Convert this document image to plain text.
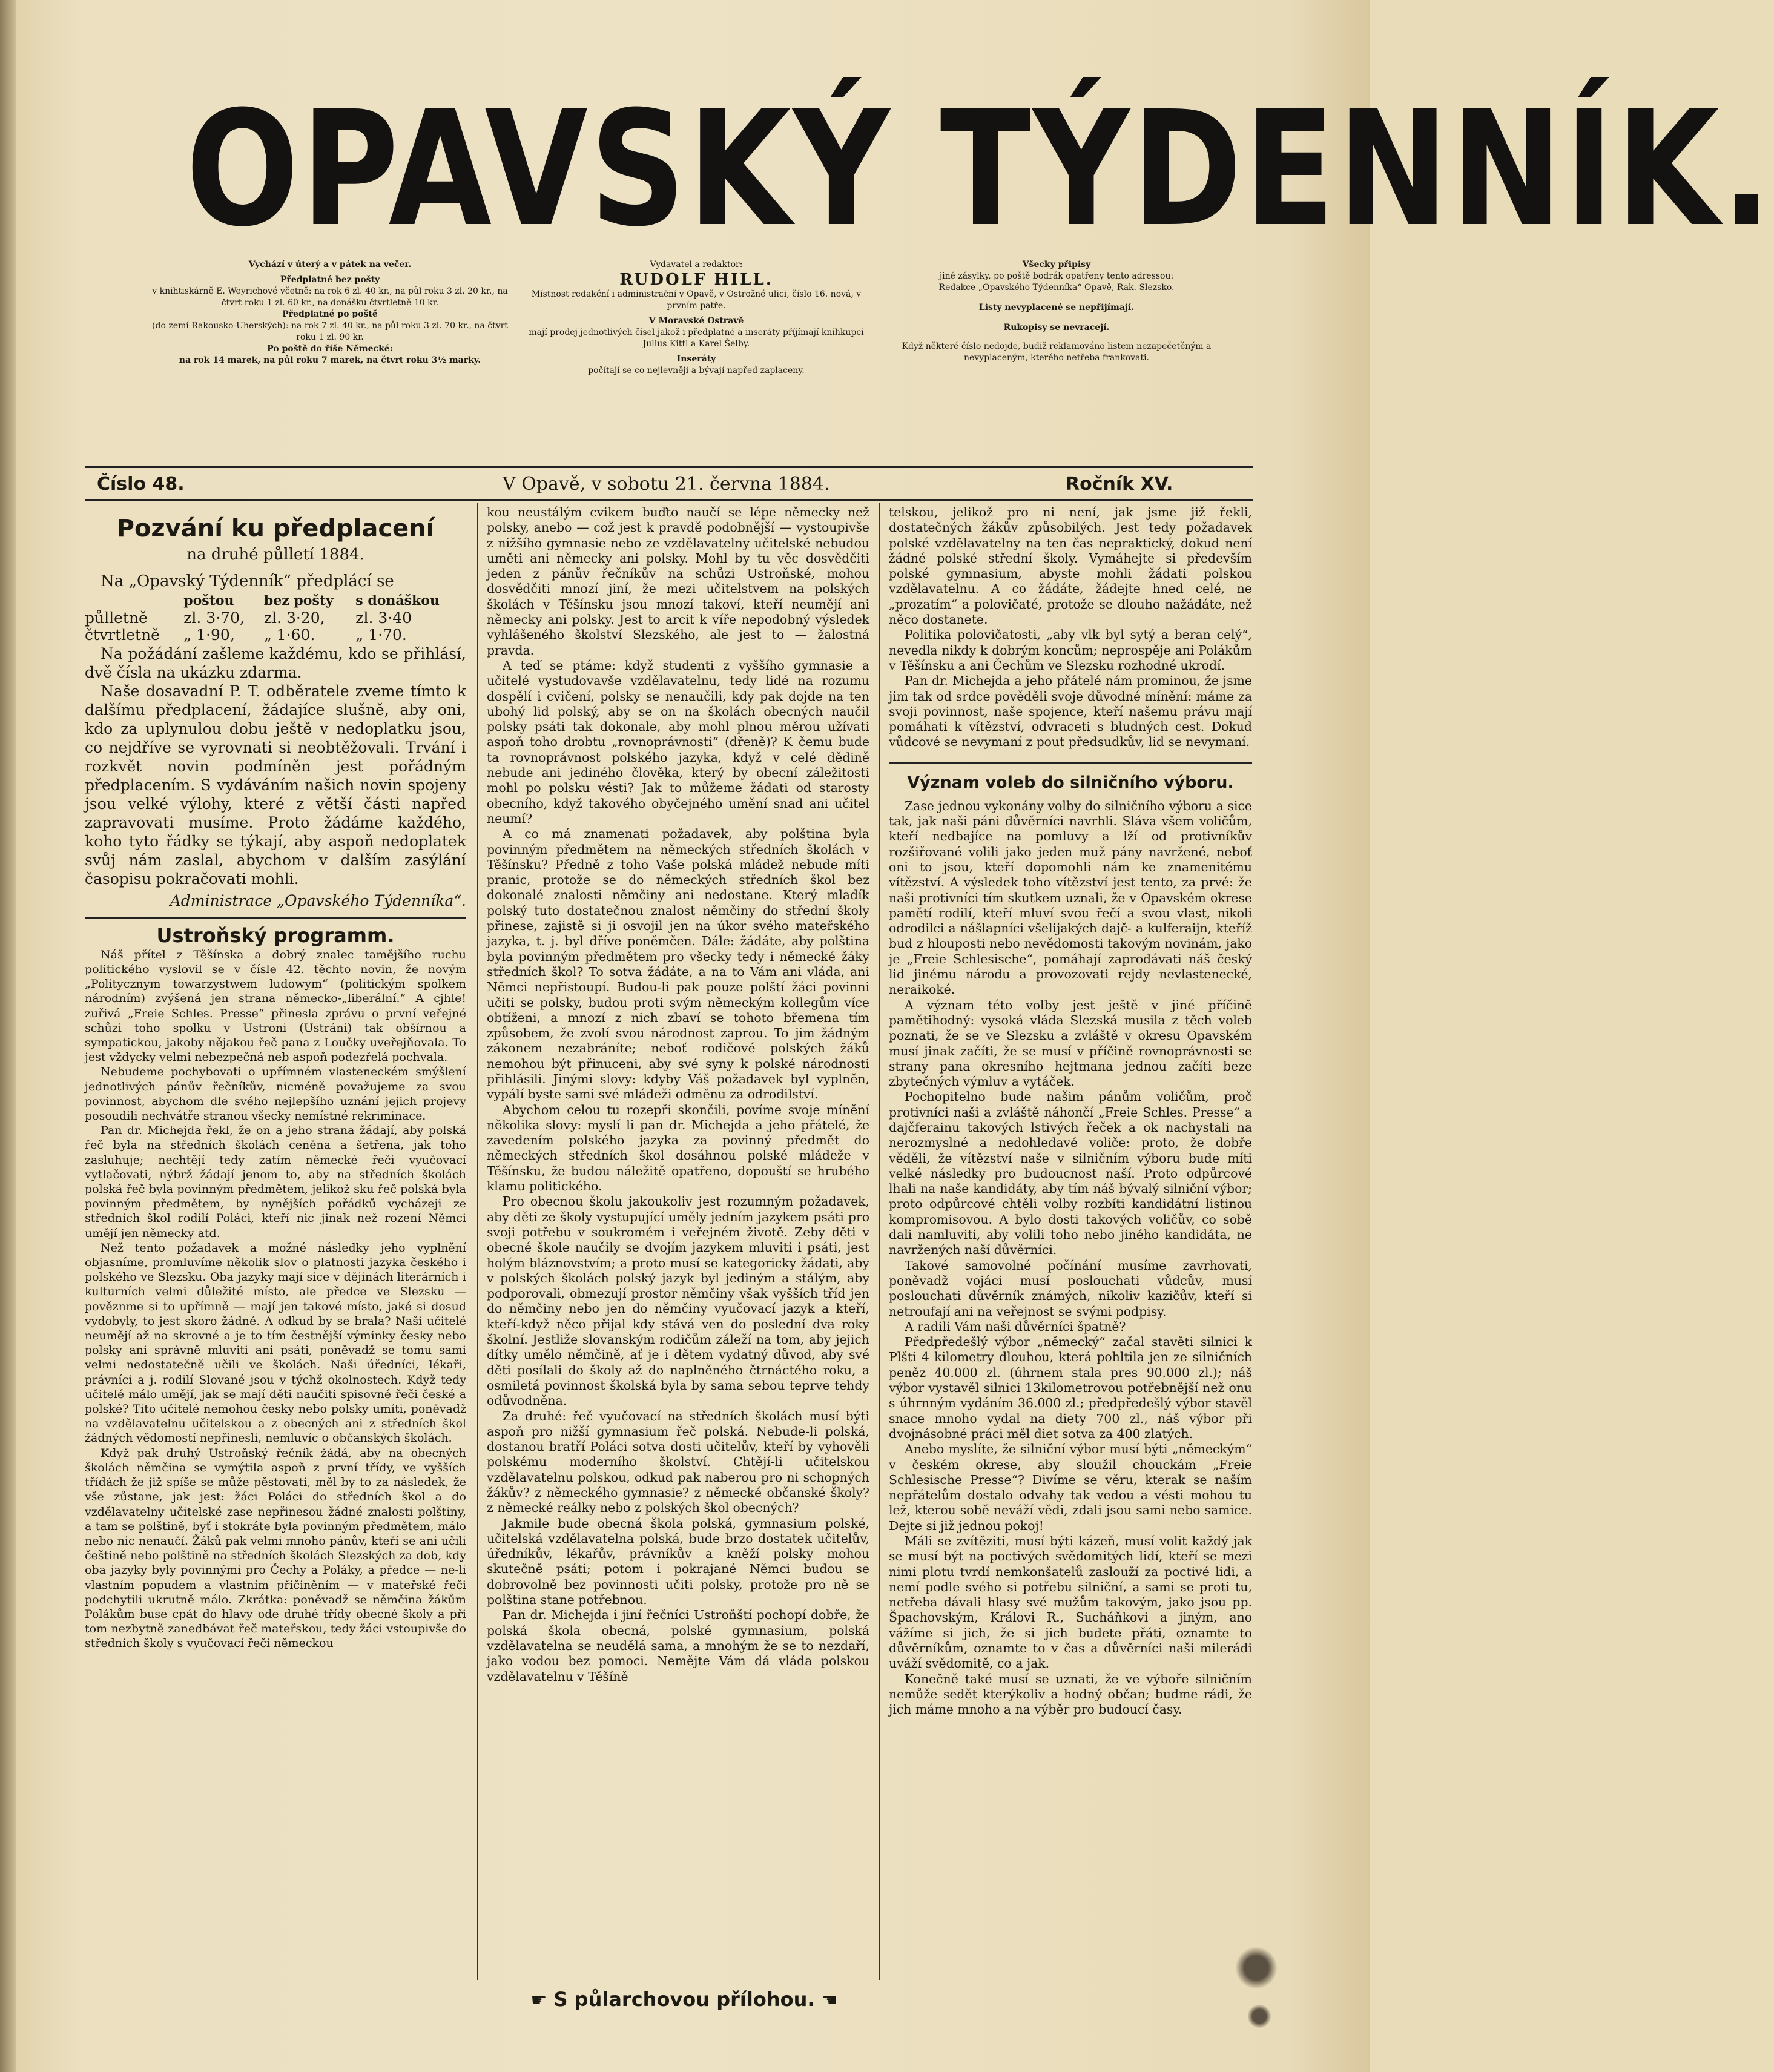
OPAVSKÝ TÝDENNÍK.
Vychází v úterý a v pátek na večer.
Předplatné bez pošty
v knihtiskárně E. Weyrichové včetně: na rok 6 zl. 40 kr., na půl roku 3 zl. 20 kr., na čtvrt roku 1 zl. 60 kr., na donášku čtvrtletně 10 kr.
Předplatné po poště
(do zemí Rakousko-Uherských): na rok 7 zl. 40 kr., na půl roku 3 zl. 70 kr., na čtvrt roku 1 zl. 90 kr.
Po poště do říše Německé:
na rok 14 marek, na půl roku 7 marek, na čtvrt roku 3½ marky.
Vydavatel a redaktor:
RUDOLF HILL.
Místnost redakční i administrační v Opavě, v Ostrožné ulici, číslo 16. nová, v prvním patře.
V Moravské Ostravě
mají prodej jednotlivých čísel jakož i předplatné a inseráty příjímají knihkupci Julius Kittl a Karel Šelby.
Inseráty
počítají se co nejlevněji a bývají napřed zaplaceny.
Všecky připisy
jiné zásylky, po poště bodrák opatřeny tento adressou:
Redakce „Opavského Týdenníka“ Opavě, Rak. Slezsko.
Listy nevyplacené se nepřijímají.
Rukopisy se nevracejí.
Když některé číslo nedojde, budiž reklamováno listem nezapečetěným a nevyplaceným, kterého netřeba frankovati.
Číslo 48.	V Opavě, v sobotu 21. června 1884.	Ročník XV.
Pozvání ku předplacení
na druhé půlletí 1884.

Na „Opavský Týdenník“ předplácí se

	poštou	bez pošty	s donáškou
půlletně	zl. 3·70,	zl. 3·20,	zl. 3·40
čtvrtletně	„ 1·90,	„ 1·60.	„ 1·70.

Na požádání zašleme každému, kdo se přihlásí, dvě čísla na ukázku zdarma.

Naše dosavadní P. T. odběratele zveme tímto k dalšímu předplacení, žádajíce slušně, aby oni, kdo za uplynulou dobu ještě v nedoplatku jsou, co nejdříve se vyrovnati si neobtěžovali. Trvání i rozkvět novin podmíněn jest pořádným předplacením. S vydáváním našich novin spojeny jsou velké výlohy, které z větší části napřed zapravovati musíme. Proto žádáme každého, koho tyto řádky se týkají, aby aspoň nedoplatek svůj nám zaslal, abychom v dalším zasýlání časopisu pokračovati mohli.

Administrace „Opavského Týdenníka“.
Ustroňský programm.

Náš přítel z Těšínska a dobrý znalec tamějšího ruchu politického vyslovil se v čísle 42. těchto novin, že novým „Politycznym towarzystwem ludowym“ (politickým spolkem národním) zvýšená jen strana německo-„liberální.“ A cjhle! zuřivá „Freie Schles. Presse“ přinesla zprávu o první veřejné schůzi toho spolku v Ustroni (Ustráni) tak obšírnou a sympatickou, jakoby nějakou řeč pana z Loučky uveřejňovala. To jest vždycky velmi nebezpečná neb aspoň podezřelá pochvala.

Nebudeme pochybovati o upřímném vlasteneckém smýšlení jednotlivých pánův řečníkův, nicméně považujeme za svou povinnost, abychom dle svého nejlepšího uznání jejich projevy posoudili nechvátře stranou všecky nemístné rekriminace.

Pan dr. Michejda řekl, že on a jeho strana žádají, aby polská řeč byla na středních školách ceněna a šetřena, jak toho zasluhuje; nechtějí tedy zatím německé řeči vyučovací vytlačovati, nýbrž žádají jenom to, aby na středních školách polská řeč byla povinným předmětem, jelikož sku řeč polská byla povinným předmětem, by nynějších pořádků vycházeji ze středních škol rodilí Poláci, kteří nic jinak než rození Němci umějí jen německy atd.

Než tento požadavek a možné následky jeho vyplnění objasníme, promluvíme několik slov o platnosti jazyka českého i polského ve Slezsku. Oba jazyky mají sice v dějinách literárních i kulturních velmi důležité místo, ale předce ve Slezsku — pověznme si to upřímně — mají jen takové místo, jaké si dosud vydobyly, to jest skoro žádné. A odkud by se brala? Naši učitelé neumějí až na skrovné a je to tím čestnější výminky česky nebo polsky ani správně mluviti ani psáti, poněvadž se tomu sami velmi nedostatečně učili ve školách. Naši úředníci, lékaři, právníci a j. rodilí Slované jsou v týchž okolnostech. Když tedy učitelé málo umějí, jak se mají děti naučiti spisovné řeči české a polské? Tito učitelé nemohou česky nebo polsky umíti, poněvadž na vzdělavatelnu učitelskou a z obecných ani z středních škol žádných vědomostí nepřinesli, nemluvíc o občanských školách.

Když pak druhý Ustroňský řečník žádá, aby na obecných školách němčina se vymýtila aspoň z první třídy, ve vyšších třídách že již spíše se může pěstovati, měl by to za následek, že vše zůstane, jak jest: žáci Poláci do středních škol a do vzdělavatelny učitelské zase nepřinesou žádné znalosti polštiny, a tam se polštině, byť i stokráte byla povinným předmětem, málo nebo nic nenaučí. Žáků pak velmi mnoho pánův, kteří se ani učili češtině nebo polštině na středních školách Slezských za dob, kdy oba jazyky byly povinnými pro Čechy a Poláky, a předce — ne-li vlastním popudem a vlastním přičiněním — v mateřské řeči podchytili ukrutně málo. Zkrátka: poněvadž se němčina žákům Polákům buse cpát do hlavy ode druhé třídy obecné školy a při tom nezbytně zanedbávat řeč mateřskou, tedy žáci vstoupivše do středních školy s vyučovací řečí německou

kou neustálým cvikem buďto naučí se lépe německy než polsky, anebo — což jest k pravdě podobnější — vystoupivše z nižšího gymnasie nebo ze vzdělavatelny učitelské nebudou uměti ani německy ani polsky. Mohl by tu věc dosvědčiti jeden z pánův řečníkův na schůzi Ustroňské, mohou dosvědčiti mnozí jiní, že mezi učitelstvem na polských školách v Těšínsku jsou mnozí takoví, kteří neumějí ani německy ani polsky. Jest to arcit k víře nepodobný výsledek vyhlášeného školství Slezského, ale jest to — žalostná pravda.

A teď se ptáme: když studenti z vyššího gymnasie a učitelé vystudovavše vzdělavatelnu, tedy lidé na rozumu dospělí i cvičení, polsky se nenaučili, kdy pak dojde na ten ubohý lid polský, aby se on na školách obecných naučil polsky psáti tak dokonale, aby mohl plnou měrou užívati aspoň toho drobtu „rovnoprávnosti“ (dřeně)? K čemu bude ta rovnoprávnost polského jazyka, když v celé dědině nebude ani jediného člověka, který by obecní záležitosti mohl po polsku vésti? Jak to můžeme žádati od starosty obecního, když takového obyčejného umění snad ani učitel neumí?

A co má znamenati požadavek, aby polština byla povinným předmětem na německých středních školách v Těšínsku? Předně z toho Vaše polská mládež nebude míti pranic, protože se do německých středních škol bez dokonalé znalosti němčiny ani nedostane. Který mladík polský tuto dostatečnou znalost němčiny do střední školy přinese, zajistě si ji osvojil jen na úkor svého mateřského jazyka, t. j. byl dříve poněmčen. Dále: žádáte, aby polština byla povinným předmětem pro všecky tedy i německé žáky středních škol? To sotva žádáte, a na to Vám ani vláda, ani Němci nepřistoupí. Budou-li pak pouze polští žáci povinni učiti se polsky, budou proti svým německým kollegům více obtíženi, a mnozí z nich zbaví se tohoto břemena tím způsobem, že zvolí svou národnost zaprou. To jim žádným zákonem nezabráníte; neboť rodičové polských žáků nemohou být přinuceni, aby své syny k polské národnosti přihlásili. Jinými slovy: kdyby Váš požadavek byl vyplněn, vypálí byste sami své mládeži odměnu za odrodilství.

Abychom celou tu rozepři skončili, povíme svoje mínění několika slovy: myslí li pan dr. Michejda a jeho přátelé, že zavedením polského jazyka za povinný předmět do německých středních škol dosáhnou polské mládeže v Těšínsku, že budou náležitě opatřeno, dopouští se hrubého klamu politického.

Pro obecnou školu jakoukoliv jest rozumným požadavek, aby děti ze školy vystupující uměly jedním jazykem psáti pro svoji potřebu v soukromém i veřejném životě. Zeby děti v obecné škole naučily se dvojím jazykem mluviti i psáti, jest holým bláznovstvím; a proto musí se kategoricky žádati, aby v polských školách polský jazyk byl jediným a stálým, aby podporovali, obmezují prostor němčiny však vyšších tříd jen do němčiny nebo jen do němčiny vyučovací jazyk a kteří, kteří-když něco přijal kdy stává ven do poslední dva roky školní. Jestliže slovanským rodičům záleží na tom, aby jejich dítky umělo němčině, ať je i dětem vydatný důvod, aby své děti posílali do školy až do naplněného čtrnáctého roku, a osmiletá povinnost školská byla by sama sebou teprve tehdy odůvodněna.

Za druhé: řeč vyučovací na středních školách musí býti aspoň pro nižší gymnasium řeč polská. Nebude-li polská, dostanou bratří Poláci sotva dosti učitelův, kteří by vyhověli polskému moderního školství. Chtějí-li učitelskou vzdělavatelnu polskou, odkud pak naberou pro ni schopných žákův? z německého gymnasie? z německé občanské školy? z německé reálky nebo z polských škol obecných?

Jakmile bude obecná škola polská, gymnasium polské, učitelská vzdělavatelna polská, bude brzo dostatek učitelův, úředníkův, lékařův, právníkův a kněží polsky mohou skutečně psáti; potom i pokrajané Němci budou se dobrovolně bez povinnosti učiti polsky, protože pro ně se polština stane potřebnou.

Pan dr. Michejda i jiní řečníci Ustroňští pochopí dobře, že polská škola obecná, polské gymnasium, polská vzdělavatelna se neudělá sama, a mnohým že se to nezdaří, jako vodou bez pomoci. Nemějte Vám dá vláda polskou vzdělavatelnu v Těšíně

telskou, jelikož pro ni není, jak jsme již řekli, dostatečných žákův způsobilých. Jest tedy požadavek polské vzdělavatelny na ten čas nepraktický, dokud není žádné polské střední školy. Vymáhejte si především polské gymnasium, abyste mohli žádati polskou vzdělavatelnu. A co žádáte, žádejte hned celé, ne „prozatím“ a polovičaté, protože se dlouho nažádáte, než něco dostanete.

Politika polovičatosti, „aby vlk byl sytý a beran celý“, nevedla nikdy k dobrým koncům; neprospěje ani Polákům v Těšínsku a ani Čechům ve Slezsku rozhodné ukrodí.

Pan dr. Michejda a jeho přátelé nám prominou, že jsme jim tak od srdce pověděli svoje důvodné mínění: máme za svoji povinnost, naše spojence, kteří našemu právu mají pomáhati k vítězství, odvraceti s bludných cest. Dokud vůdcové se nevymaní z pout předsudkův, lid se nevymaní.

Význam voleb do silničního výboru.

Zase jednou vykonány volby do silničního výboru a sice tak, jak naši páni důvěrníci navrhli. Sláva všem voličům, kteří nedbajíce na pomluvy a lží od protivníkův rozšiřované volili jako jeden muž pány navržené, neboť oni to jsou, kteří dopomohli nám ke znamenitému vítězství. A výsledek toho vítězství jest tento, za prvé: že naši protivníci tím skutkem uznali, že v Opavském okrese pamětí rodilí, kteří mluví svou řečí a svou vlast, nikoli odrodilci a nášlapníci všelijakých dajč- a kulferaijn, kteříž bud z hlouposti nebo nevědomosti takovým novinám, jako je „Freie Schlesische“, pomáhají zaprodávati náš český lid jinému národu a provozovati rejdy nevlastenecké, neraikoké.

A význam této volby jest ještě v jiné příčině pamětihodný: vysoká vláda Slezská musila z těch voleb poznati, že se ve Slezsku a zvláště v okresu Opavském musí jinak začíti, že se musí v příčině rovnoprávnosti se strany pana okresního hejtmana jednou začíti beze zbytečných výmluv a vytáček.

Pochopitelno bude našim pánům voličům, proč protivníci naši a zvláště náhončí „Freie Schles. Presse“ a dajčferainu takových lstivých řeček a ok nachystali na nerozmyslné a nedohledavé voliče: proto, že dobře věděli, že vítězství naše v silničním výboru bude míti velké následky pro budoucnost naší. Proto odpůrcové lhali na naše kandidáty, aby tím náš bývalý silniční výbor; proto odpůrcové chtěli volby rozbíti kandidátní listinou kompromisovou. A bylo dosti takových voličův, co sobě dali namluviti, aby volili toho nebo jiného kandidáta, ne navržených naší důvěrníci.

Takové samovolné počínání musíme zavrhovati, poněvadž vojáci musí poslouchati vůdcův, musí poslouchati důvěrník známých, nikoliv kazičův, kteří si netroufají ani na veřejnost se svými podpisy.

A radili Vám naši důvěrníci špatně?

Předpředešlý výbor „německý“ začal stavěti silnici k Plšti 4 kilometry dlouhou, která pohltila jen ze silničních peněz 40.000 zl. (úhrnem stala pres 90.000 zl.); náš výbor vystavěl silnici 13kilometrovou potřebnější než onu s úhrnným vydáním 36.000 zl.; předpředešlý výbor stavěl snace mnoho vydal na diety 700 zl., náš výbor při dvojnásobné práci měl diet sotva za 400 zlatých.

Anebo myslíte, že silniční výbor musí býti „německým“ v českém okrese, aby sloužil chouckám „Freie Schlesische Presse“? Divíme se věru, kterak se naším nepřátelům dostalo odvahy tak vedou a vésti mohou tu lež, kterou sobě neváží vědi, zdali jsou sami nebo samice. Dejte si již jednou pokoj!

Máli se zvítěziti, musí býti kázeň, musí volit každý jak se musí být na poctivých svědomitých lidí, kteří se mezi nimi plotu tvrdí nemkonšatelů zaslouží za poctivé lidi, a nemí podle svého si potřebu silniční, a sami se proti tu, netřeba dávali hlasy své mužům takovým, jako jsou pp. Špachovským, Královi R., Sucháňkovi a jiným, ano vážíme si jich, že si jich budete přáti, oznamte to důvěrníkům, oznamte to v čas a důvěrníci naši milerádi uváží svědomitě, co a jak.

Konečně také musí se uznati, že ve výboře silničním nemůže sedět kterýkoliv a hodný občan; budme rádi, že jich máme mnoho a na výběr pro budoucí časy.

☛ S půlarchovou přílohou. ☚
